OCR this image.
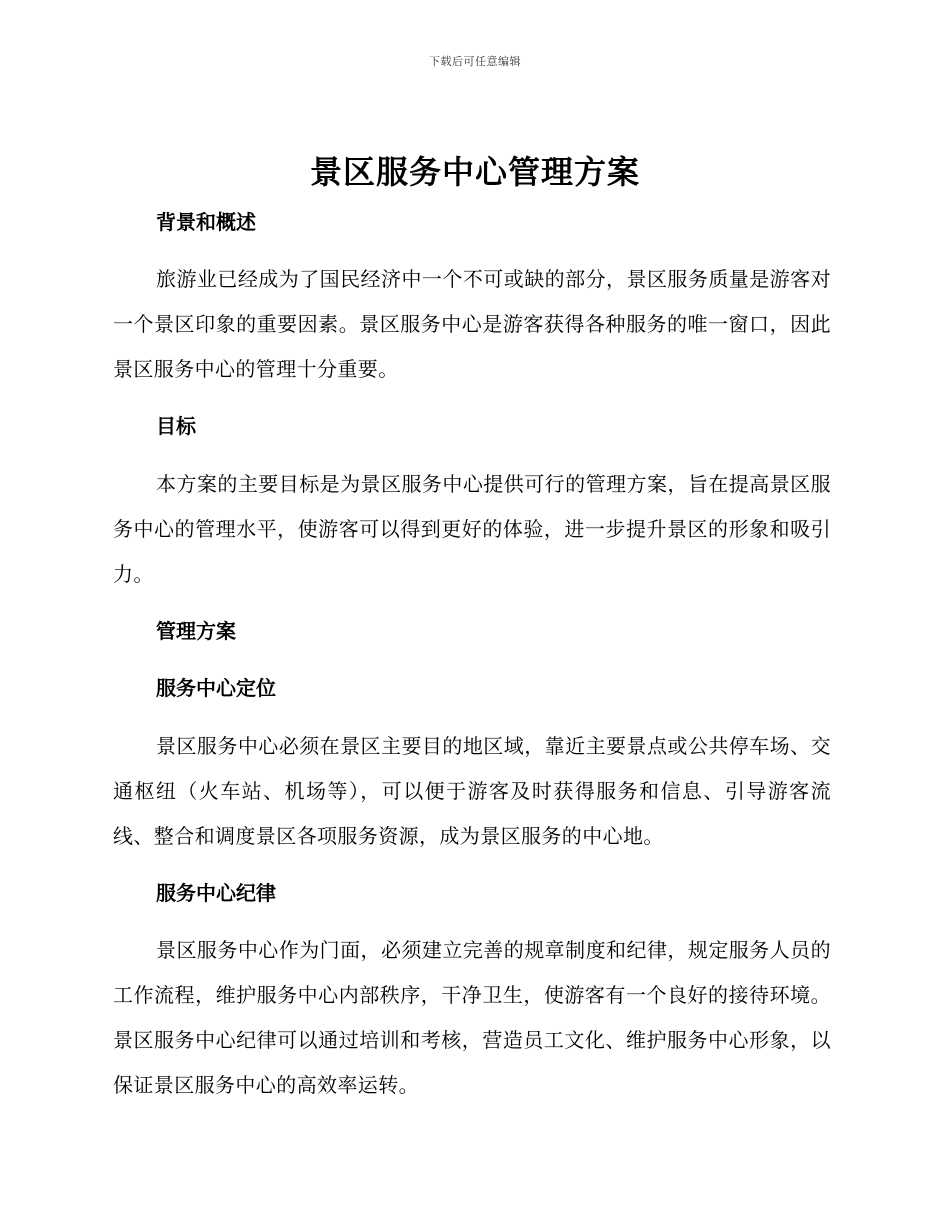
下载后可任意编辑
景区服务中心管理方案
背景和概述

旅游业已经成为了国民经济中一个不可或缺的部分，景区服务质量是游客对一个景区印象的重要因素。景区服务中心是游客获得各种服务的唯一窗口，因此景区服务中心的管理十分重要。

目标

本方案的主要目标是为景区服务中心提供可行的管理方案，旨在提高景区服务中心的管理水平，使游客可以得到更好的体验，进一步提升景区的形象和吸引力。

管理方案
服务中心定位

景区服务中心必须在景区主要目的地区域，靠近主要景点或公共停车场、交通枢纽（火车站、机场等），可以便于游客及时获得服务和信息、引导游客流线、整合和调度景区各项服务资源，成为景区服务的中心地。

服务中心纪律

景区服务中心作为门面，必须建立完善的规章制度和纪律，规定服务人员的工作流程，维护服务中心内部秩序，干净卫生，使游客有一个良好的接待环境。景区服务中心纪律可以通过培训和考核，营造员工文化、维护服务中心形象，以保证景区服务中心的高效率运转。
